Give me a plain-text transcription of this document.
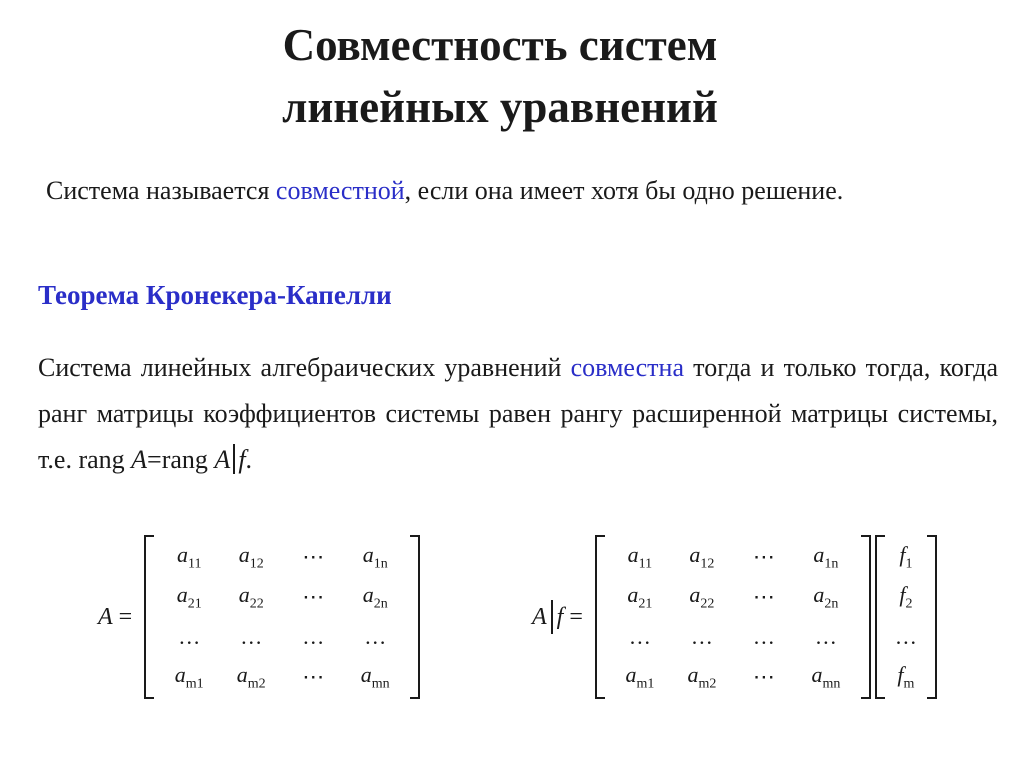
Совместность систем
линейных уравнений
Система называется совместной, если она имеет хотя бы одно решение.
Теорема Кронекера-Капелли
Система линейных алгебраических уравнений совместна тогда и только тогда, когда ранг матрицы коэффициентов системы равен рангу расширенной матрицы системы, т.е. rang A=rang A f.
A =
$a_{11}$ $a_{12}$ ⋯ $a_{1n}$
$a_{21}$ $a_{22}$ ⋯ $a_{2n}$
… … … …
$a_{m1}$ $a_{m2}$ ⋯ $a_{mn}$
A f =
$a_{11}$ $a_{12}$ ⋯ $a_{1n}$
$a_{21}$ $a_{22}$ ⋯ $a_{2n}$
… … … …
$a_{m1}$ $a_{m2}$ ⋯ $a_{mn}$
$f_1$
$f_2$
…
$f_m$
